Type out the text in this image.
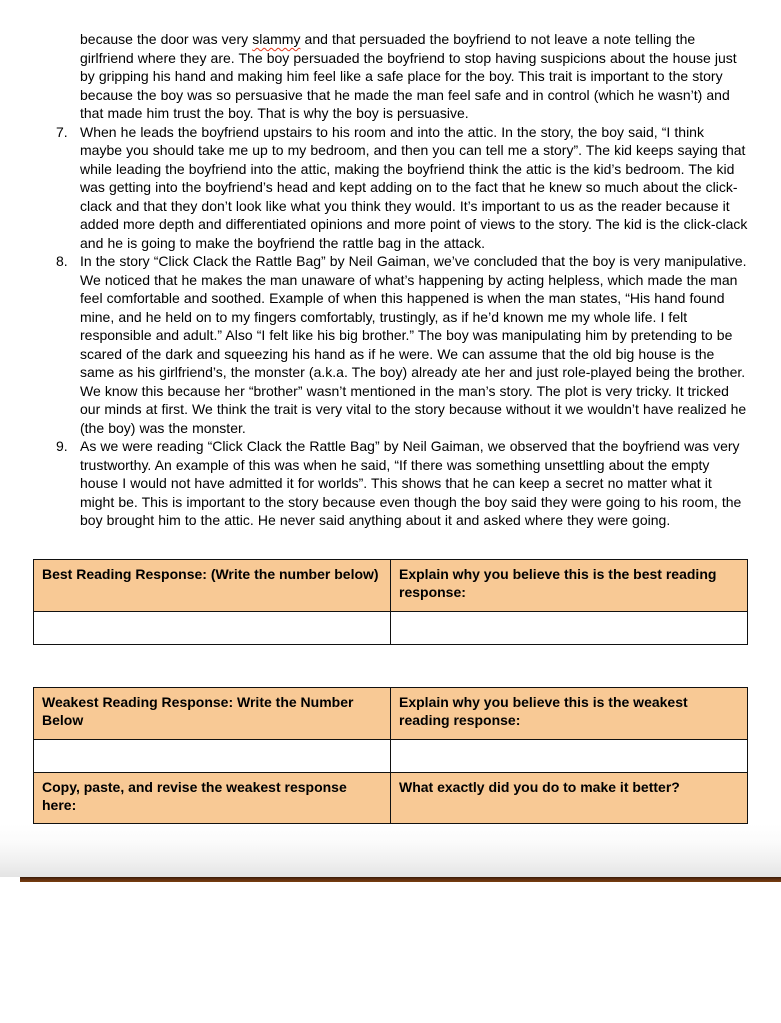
because the door was very slammy and that persuaded the boyfriend to not leave a note telling the girlfriend where they are. The boy persuaded the boyfriend to stop having suspicions about the house just by gripping his hand and making him feel like a safe place for the boy. This trait is important to the story because the boy was so persuasive that he made the man feel safe and in control (which he wasn’t) and that made him trust the boy. That is why the boy is persuasive.

7. When he leads the boyfriend upstairs to his room and into the attic. In the story, the boy said, “I think maybe you should take me up to my bedroom, and then you can tell me a story”. The kid keeps saying that while leading the boyfriend into the attic, making the boyfriend think the attic is the kid’s bedroom. The kid was getting into the boyfriend’s head and kept adding on to the fact that he knew so much about the click-clack and that they don’t look like what you think they would. It’s important to us as the reader because it added more depth and differentiated opinions and more point of views to the story. The kid is the click-clack and he is going to make the boyfriend the rattle bag in the attack.
8. In the story “Click Clack the Rattle Bag” by Neil Gaiman, we’ve concluded that the boy is very manipulative. We noticed that he makes the man unaware of what’s happening by acting helpless, which made the man feel comfortable and soothed. Example of when this happened is when the man states, “His hand found mine, and he held on to my fingers comfortably, trustingly, as if he’d known me my whole life. I felt responsible and adult.” Also “I felt like his big brother.” The boy was manipulating him by pretending to be scared of the dark and squeezing his hand as if he were. We can assume that the old big house is the same as his girlfriend’s, the monster (a.k.a. The boy) already ate her and just role-played being the brother. We know this because her “brother” wasn’t mentioned in the man’s story. The plot is very tricky. It tricked our minds at first. We think the trait is very vital to the story because without it we wouldn’t have realized he (the boy) was the monster.
9. As we were reading “Click Clack the Rattle Bag” by Neil Gaiman, we observed that the boyfriend was very trustworthy. An example of this was when he said, “If there was something unsettling about the empty house I would not have admitted it for worlds”. This shows that he can keep a secret no matter what it might be. This is important to the story because even though the boy said they were going to his room, the boy brought him to the attic. He never said anything about it and asked where they were going.
Best Reading Response: (Write the number below)	Explain why you believe this is the best reading response:

Weakest Reading Response: Write the Number Below	Explain why you believe this is the weakest reading response:

Copy, paste, and revise the weakest response here:	What exactly did you do to make it better?
